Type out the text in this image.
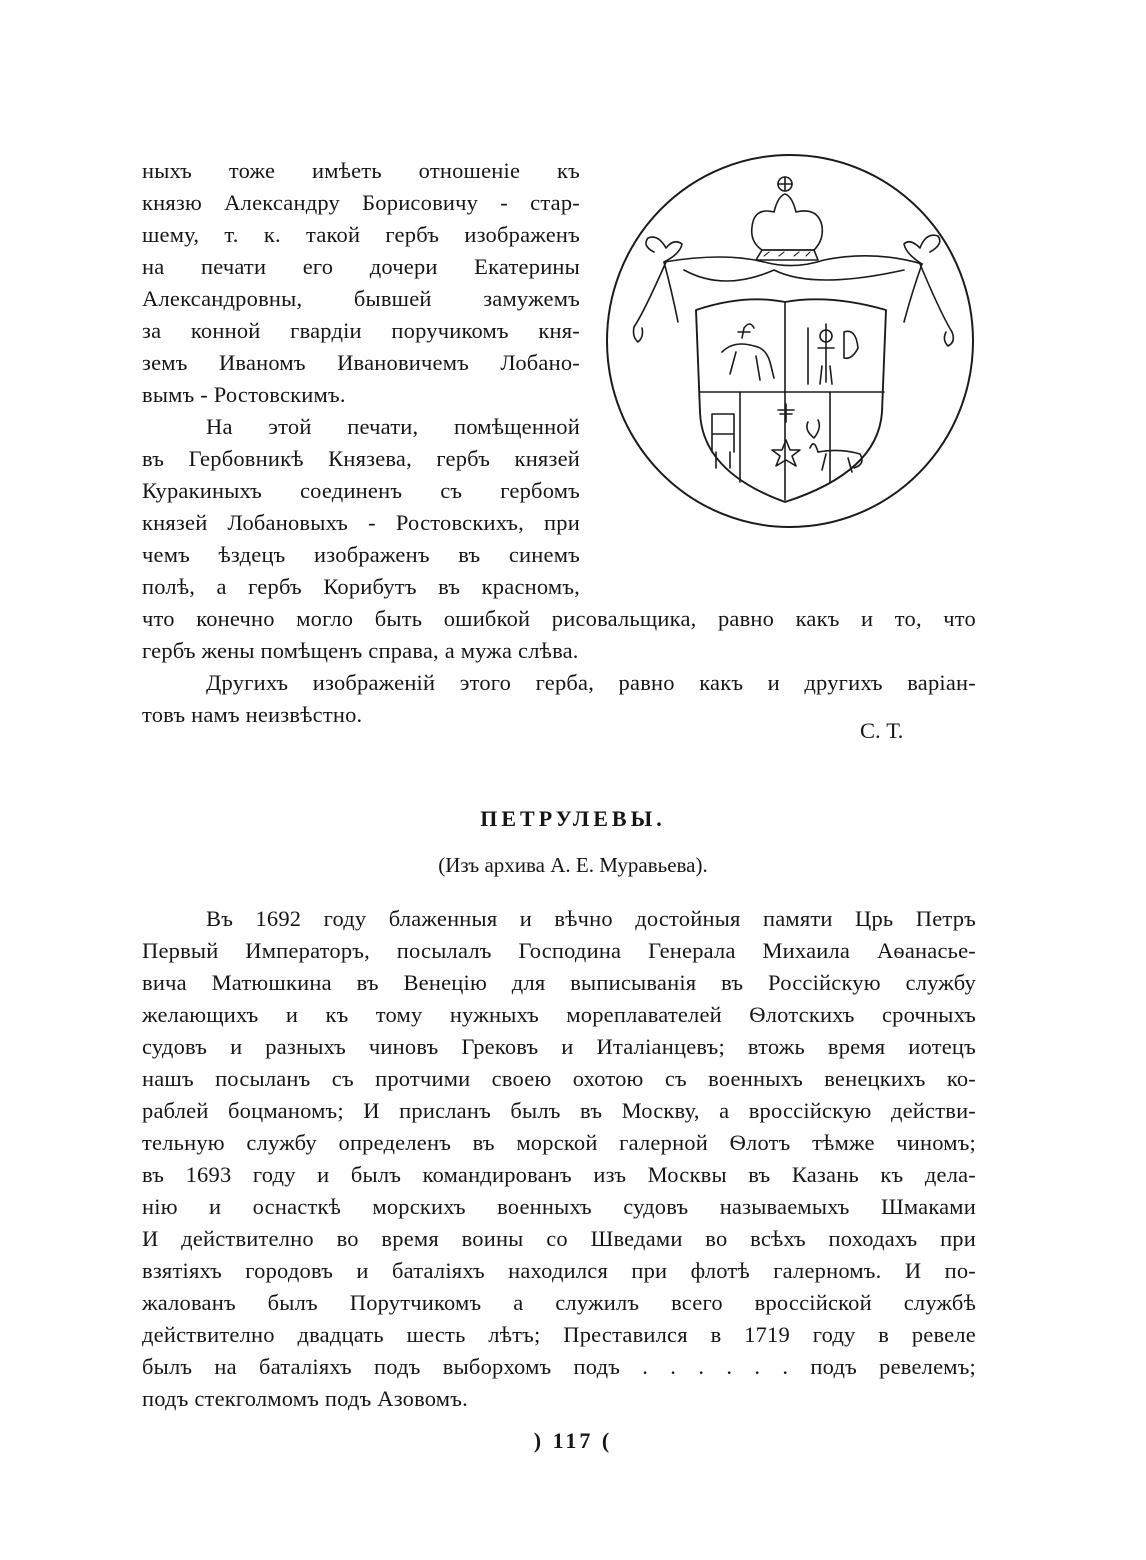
ныхъ тоже имѣеть отношеніе къ
князю Александру Борисовичу - стар-
шему, т. к. такой гербъ изображенъ
на печати его дочери Екатерины
Александровны, бывшей замужемъ
за конной гвардіи поручикомъ кня-
земъ Иваномъ Ивановичемъ Лобано-
вымъ - Ростовскимъ.
На этой печати, помѣщенной
въ Гербовникѣ Князева, гербъ князей
Куракиныхъ соединенъ съ гербомъ
князей Лобановыхъ - Ростовскихъ, при
чемъ ѣздецъ изображенъ въ синемъ
полѣ, а гербъ Корибутъ въ красномъ,
что конечно могло быть ошибкой рисовальщика, равно какъ и то, что
гербъ жены помѣщенъ справа, а мужа слѣва.
Другихъ изображеній этого герба, равно какъ и другихъ варіан-
товъ намъ неизвѣстно.
С. Т.
ПЕТРУЛЕВЫ.
(Изъ архива А. Е. Муравьева).
Въ 1692 году блаженныя и вѣчно достойныя памяти Црь Петръ
Первый Императоръ, посылалъ Господина Генерала Михаила Аѳанасье-
вича Матюшкина въ Венецію для выписыванія въ Россійскую службу
желающихъ и къ тому нужныхъ мореплавателей Ѳлотскихъ срочныхъ
судовъ и разныхъ чиновъ Грековъ и Италіанцевъ; втожь время иотецъ
нашъ посыланъ съ протчими своею охотою съ военныхъ венецкихъ ко-
раблей боцманомъ; И присланъ былъ въ Москву, а вроссійскую действи-
тельную службу определенъ въ морской галерной Ѳлотъ тѣмже чиномъ;
въ 1693 году и былъ командированъ изъ Москвы въ Казань къ дела-
нію и оснасткѣ морскихъ военныхъ судовъ называемыхъ Шмаками
И действително во время воины со Шведами во всѣхъ походахъ при
взятіяхъ городовъ и баталіяхъ находился при флотѣ галерномъ. И по-
жалованъ былъ Порутчикомъ а служилъ всего вроссійской службѣ
действително двадцать шесть лѣтъ; Преставился в 1719 году в ревеле
былъ на баталіяхъ подъ выборхомъ подъ . . . . . . подъ ревелемъ;
подъ стекголмомъ подъ Азовомъ.
) 117 (
